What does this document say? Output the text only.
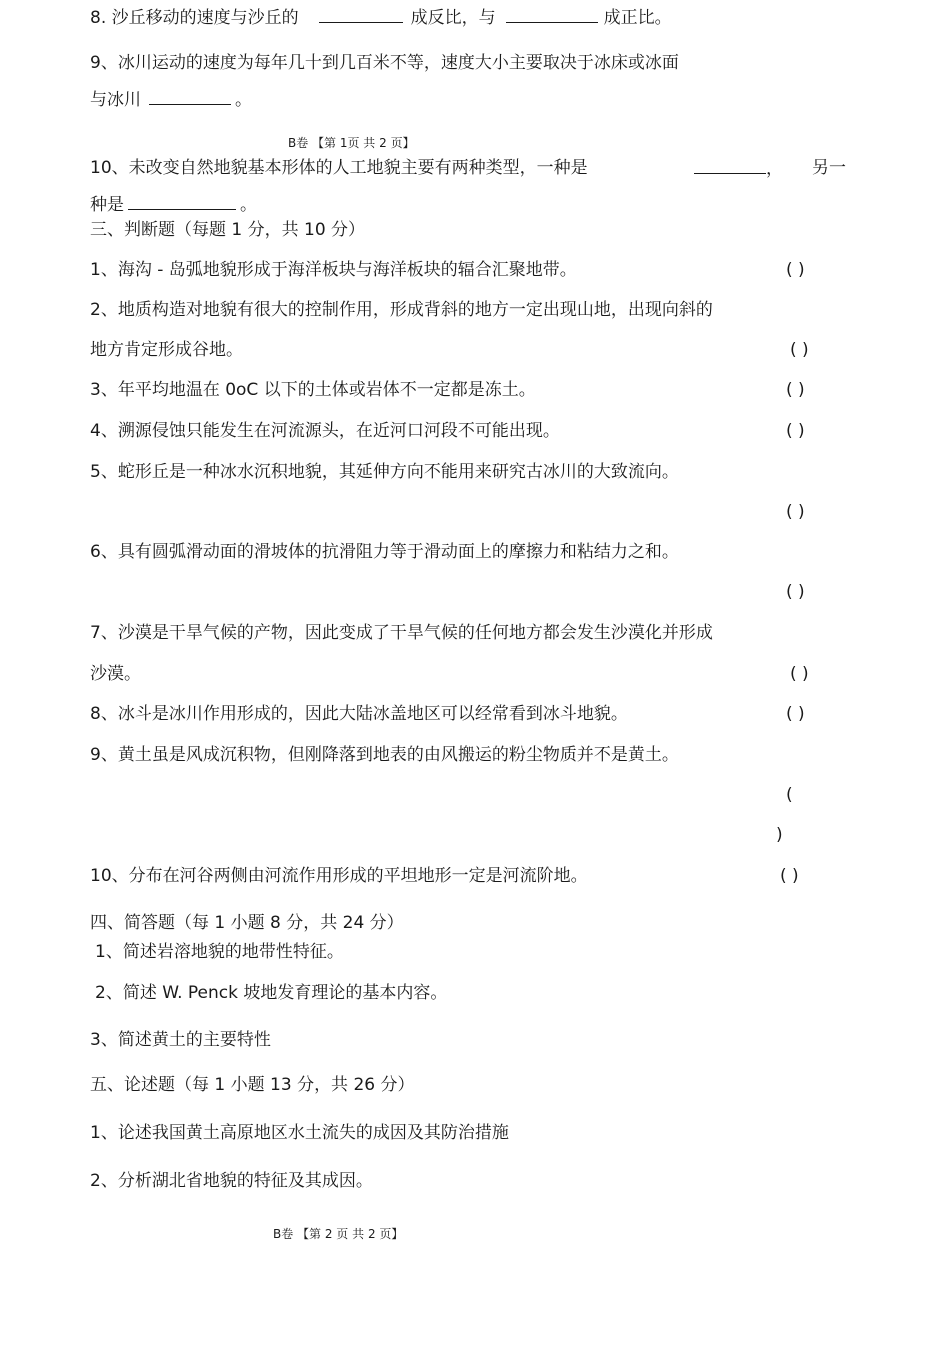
8. 沙丘移动的速度与沙丘的	成反比，与	成正比。
9、冰川运动的速度为每年几十到几百米不等，速度大小主要取决于冰床或冰面
与冰川	。
B卷 【第 1页 共 2 页】
10、未改变自然地貌基本形体的人工地貌主要有两种类型，一种是	， 另一
种是	。
三、判断题（每题 1 分，共 10 分）
1、海沟 - 岛弧地貌形成于海洋板块与海洋板块的辐合汇聚地带。	( )
2、地质构造对地貌有很大的控制作用，形成背斜的地方一定出现山地，出现向斜的
地方肯定形成谷地。	( )
3、年平均地温在 0oC 以下的土体或岩体不一定都是冻土。	( )
4、溯源侵蚀只能发生在河流源头，在近河口河段不可能出现。	( )
5、蛇形丘是一种冰水沉积地貌，其延伸方向不能用来研究古冰川的大致流向。
( )
6、具有圆弧滑动面的滑坡体的抗滑阻力等于滑动面上的摩擦力和粘结力之和。
( )
7、沙漠是干旱气候的产物，因此变成了干旱气候的任何地方都会发生沙漠化并形成
沙漠。	( )
8、冰斗是冰川作用形成的，因此大陆冰盖地区可以经常看到冰斗地貌。	( )
9、黄土虽是风成沉积物，但刚降落到地表的由风搬运的粉尘物质并不是黄土。
(
)
10、分布在河谷两侧由河流作用形成的平坦地形一定是河流阶地。	( )
四、简答题（每 1 小题 8 分，共 24 分）
1、简述岩溶地貌的地带性特征。
2、简述 W. Penck 坡地发育理论的基本内容。
3、简述黄土的主要特性
五、论述题（每 1 小题 13 分，共 26 分）
1、论述我国黄土高原地区水土流失的成因及其防治措施
2、分析湖北省地貌的特征及其成因。
B卷 【第 2 页 共 2 页】
